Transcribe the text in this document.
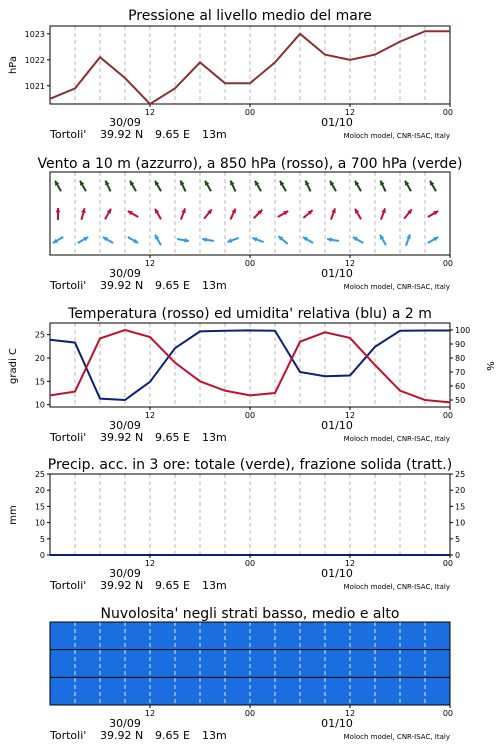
Pressione al livello medio del mare
hPa
1021
1022
1023
12	00	12	00
30/09	01/10
Tortoli' 39.92 N 9.65 E 13m	Moloch model, CNR-ISAC, Italy
Vento a 10 m (azzurro), a 850 hPa (rosso), a 700 hPa (verde)
12	00	12	00
30/09	01/10
Tortoli' 39.92 N 9.65 E 13m	Moloch model, CNR-ISAC, Italy
Temperatura (rosso) ed umidita' relativa (blu) a 2 m
gradi C	%
10
15
20
25
50
60
70
80
90
100
12	00	12	00
30/09	01/10
Tortoli' 39.92 N 9.65 E 13m	Moloch model, CNR-ISAC, Italy
Precip. acc. in 3 ore: totale (verde), frazione solida (tratt.)
mm
0	0
5	5
10	10
15	15
20	20
25	25
12	00	12	00
30/09	01/10
Tortoli' 39.92 N 9.65 E 13m	Moloch model, CNR-ISAC, Italy
Nuvolosita' negli strati basso, medio e alto
12	00	12	00
30/09	01/10
Tortoli' 39.92 N 9.65 E 13m	Moloch model, CNR-ISAC, Italy
